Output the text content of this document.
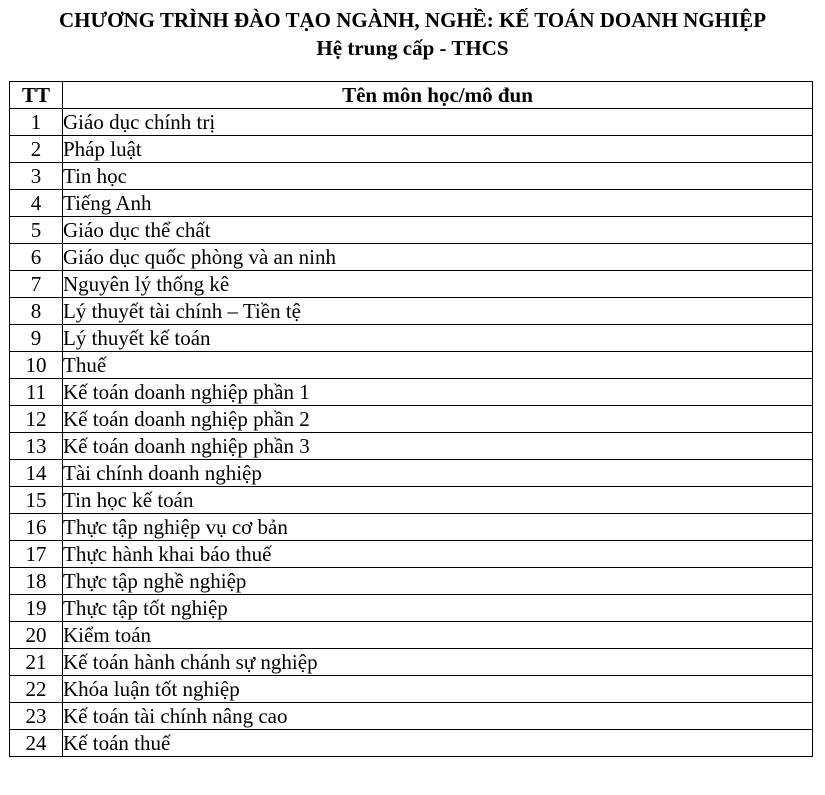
CHƯƠNG TRÌNH ĐÀO TẠO NGÀNH, NGHỀ: KẾ TOÁN DOANH NGHIỆP
Hệ trung cấp - THCS
TT	Tên môn học/mô đun
1	Giáo dục chính trị
2	Pháp luật
3	Tin học
4	Tiếng Anh
5	Giáo dục thể chất
6	Giáo dục quốc phòng và an ninh
7	Nguyên lý thống kê
8	Lý thuyết tài chính – Tiền tệ
9	Lý thuyết kế toán
10	Thuế
11	Kế toán doanh nghiệp phần 1
12	Kế toán doanh nghiệp phần 2
13	Kế toán doanh nghiệp phần 3
14	Tài chính doanh nghiệp
15	Tin học kế toán
16	Thực tập nghiệp vụ cơ bản
17	Thực hành khai báo thuế
18	Thực tập nghề nghiệp
19	Thực tập tốt nghiệp
20	Kiểm toán
21	Kế toán hành chánh sự nghiệp
22	Khóa luận tốt nghiệp
23	Kế toán tài chính nâng cao
24	Kế toán thuế
